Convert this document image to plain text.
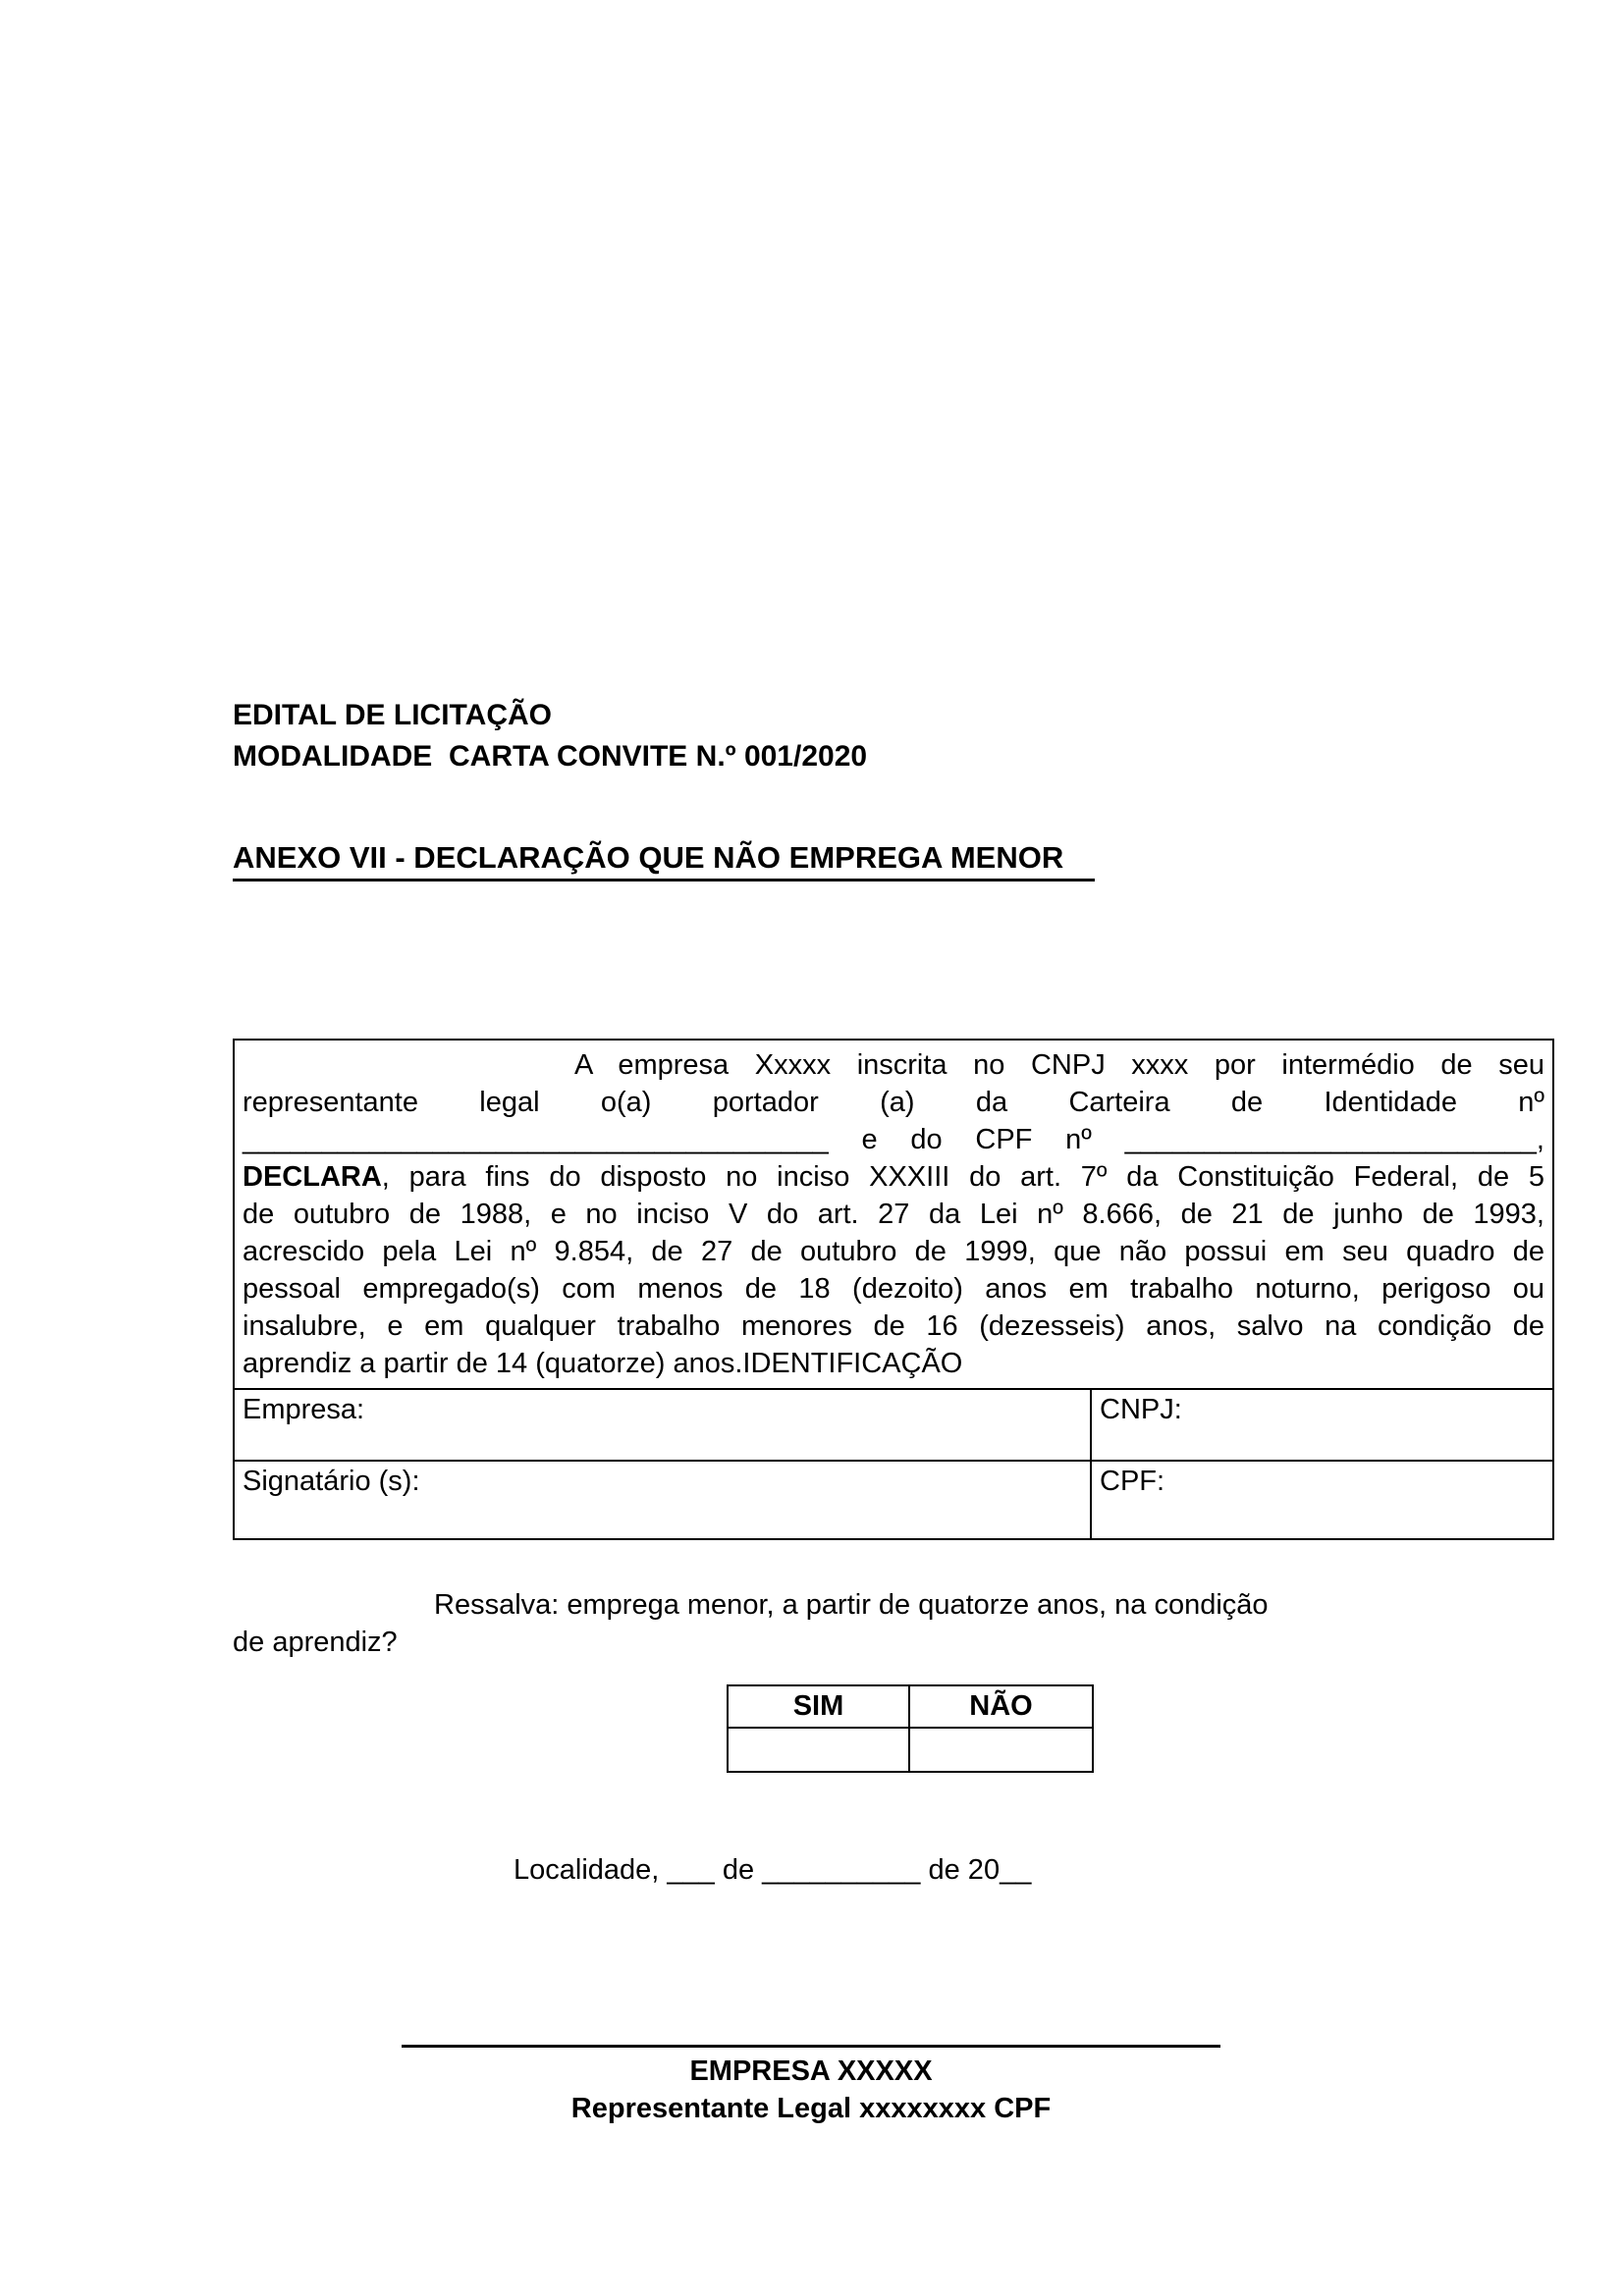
EDITAL DE LICITAÇÃO
MODALIDADE  CARTA CONVITE N.º 001/2020
ANEXO VII - DECLARAÇÃO QUE NÃO EMPREGA MENOR
A empresa Xxxxx inscrita no CNPJ xxxx por intermédio de seu
representante legal o(a) portador (a) da Carteira de Identidade nº
_____________________________________ e do CPF nº __________________________,
DECLARA, para fins do disposto no inciso XXXIII do art. 7º da Constituição Federal, de 5
de outubro de 1988, e no inciso V do art. 27 da Lei nº 8.666, de 21 de junho de 1993,
acrescido pela Lei nº 9.854, de 27 de outubro de 1999, que não possui em seu quadro de
pessoal empregado(s) com menos de 18 (dezoito) anos em trabalho noturno, perigoso ou
insalubre, e em qualquer trabalho menores de 16 (dezesseis) anos, salvo na condição de
aprendiz a partir de 14 (quatorze) anos.IDENTIFICAÇÃO
Empresa:	CNPJ:
Signatário (s):	CPF:
Ressalva: emprega menor, a partir de quatorze anos, na condição
de aprendiz?
SIM	NÃO
Localidade, ___ de __________ de 20__
EMPRESA XXXXX
Representante Legal xxxxxxxx CPF
